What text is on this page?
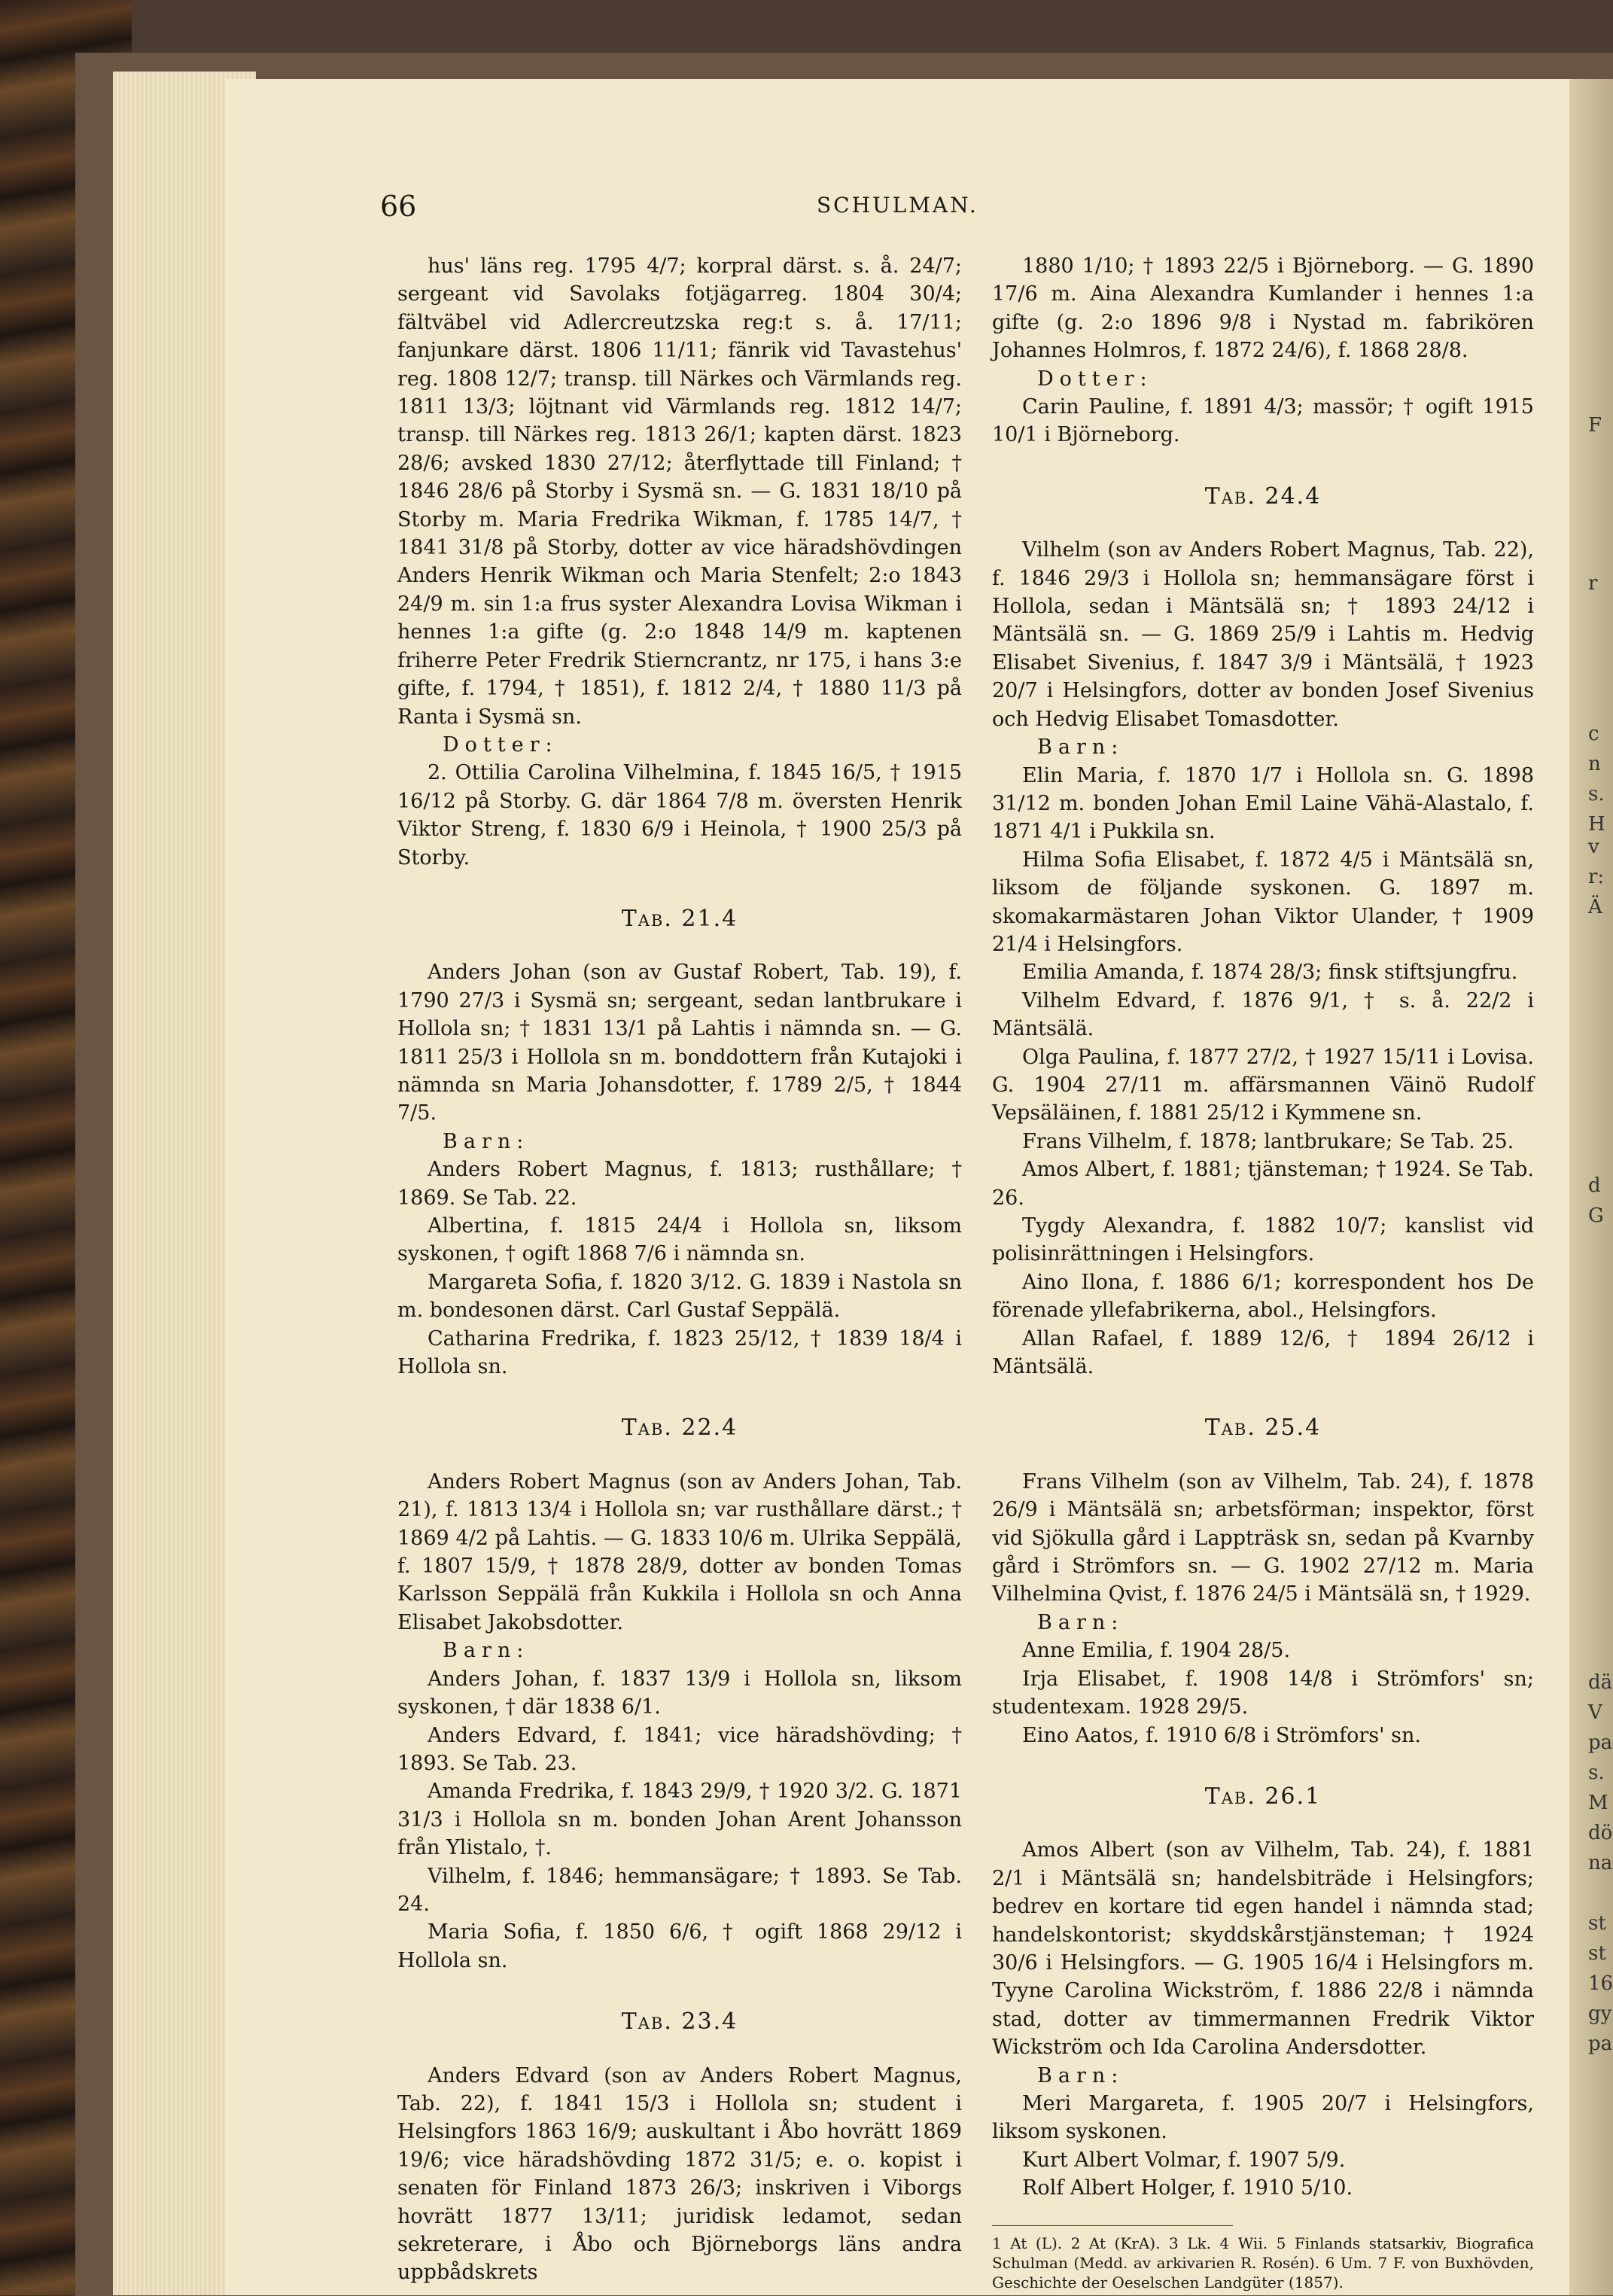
F
r
c
n
s.
H
v
r:
Ä
d
G
dä
V
pa
s.
M
dö
na
st
st
16
gy
pa
66	SCHULMAN.

hus' läns reg. 1795 4/7; korpral därst. s. å. 24/7; sergeant vid Savolaks fotjägarreg. 1804 30/4; fältväbel vid Adlercreutzska reg:t s. å. 17/11; fanjunkare därst. 1806 11/11; fänrik vid Tavastehus' reg. 1808 12/7; transp. till Närkes och Värmlands reg. 1811 13/3; löjtnant vid Värmlands reg. 1812 14/7; transp. till Närkes reg. 1813 26/1; kapten därst. 1823 28/6; avsked 1830 27/12; återflyttade till Finland; † 1846 28/6 på Storby i Sysmä sn. — G. 1831 18/10 på Storby m. Maria Fredrika Wikman, f. 1785 14/7, † 1841 31/8 på Storby, dotter av vice häradshövdingen Anders Henrik Wikman och Maria Stenfelt; 2:o 1843 24/9 m. sin 1:a frus syster Alexandra Lovisa Wikman i hennes 1:a gifte (g. 2:o 1848 14/9 m. kaptenen friherre Peter Fredrik Stierncrantz, nr 175, i hans 3:e gifte, f. 1794, † 1851), f. 1812 2/4, † 1880 11/3 på Ranta i Sysmä sn.

Dotter:

2. Ottilia Carolina Vilhelmina, f. 1845 16/5, † 1915 16/12 på Storby. G. där 1864 7/8 m. översten Henrik Viktor Streng, f. 1830 6/9 i Heinola, † 1900 25/3 på Storby.

Tab. 21.4

Anders Johan (son av Gustaf Robert, Tab. 19), f. 1790 27/3 i Sysmä sn; sergeant, sedan lantbrukare i Hollola sn; † 1831 13/1 på Lahtis i nämnda sn. — G. 1811 25/3 i Hollola sn m. bonddottern från Kutajoki i nämnda sn Maria Johansdotter, f. 1789 2/5, † 1844 7/5.

Barn:

Anders Robert Magnus, f. 1813; rusthållare; † 1869. Se Tab. 22.

Albertina, f. 1815 24/4 i Hollola sn, liksom syskonen, † ogift 1868 7/6 i nämnda sn.

Margareta Sofia, f. 1820 3/12. G. 1839 i Nastola sn m. bondesonen därst. Carl Gustaf Seppälä.

Catharina Fredrika, f. 1823 25/12, † 1839 18/4 i Hollola sn.

Tab. 22.4

Anders Robert Magnus (son av Anders Johan, Tab. 21), f. 1813 13/4 i Hollola sn; var rusthållare därst.; † 1869 4/2 på Lahtis. — G. 1833 10/6 m. Ulrika Seppälä, f. 1807 15/9, † 1878 28/9, dotter av bonden Tomas Karlsson Seppälä från Kukkila i Hollola sn och Anna Elisabet Jakobsdotter.

Barn:

Anders Johan, f. 1837 13/9 i Hollola sn, liksom syskonen, † där 1838 6/1.

Anders Edvard, f. 1841; vice häradshövding; † 1893. Se Tab. 23.

Amanda Fredrika, f. 1843 29/9, † 1920 3/2. G. 1871 31/3 i Hollola sn m. bonden Johan Arent Johansson från Ylistalo, †.

Vilhelm, f. 1846; hemmansägare; † 1893. Se Tab. 24.

Maria Sofia, f. 1850 6/6, † ogift 1868 29/12 i Hollola sn.

Tab. 23.4

Anders Edvard (son av Anders Robert Magnus, Tab. 22), f. 1841 15/3 i Hollola sn; student i Helsingfors 1863 16/9; auskultant i Åbo hovrätt 1869 19/6; vice häradshövding 1872 31/5; e. o. kopist i senaten för Finland 1873 26/3; inskriven i Viborgs hovrätt 1877 13/11; juridisk ledamot, sedan sekreterare, i Åbo och Björneborgs läns andra uppbådskrets

1880 1/10; † 1893 22/5 i Björneborg. — G. 1890 17/6 m. Aina Alexandra Kumlander i hennes 1:a gifte (g. 2:o 1896 9/8 i Nystad m. fabrikören Johannes Holmros, f. 1872 24/6), f. 1868 28/8.

Dotter:

Carin Pauline, f. 1891 4/3; massör; † ogift 1915 10/1 i Björneborg.

Tab. 24.4

Vilhelm (son av Anders Robert Magnus, Tab. 22), f. 1846 29/3 i Hollola sn; hemmansägare först i Hollola, sedan i Mäntsälä sn; † 1893 24/12 i Mäntsälä sn. — G. 1869 25/9 i Lahtis m. Hedvig Elisabet Sivenius, f. 1847 3/9 i Mäntsälä, † 1923 20/7 i Helsingfors, dotter av bonden Josef Sivenius och Hedvig Elisabet Tomasdotter.

Barn:

Elin Maria, f. 1870 1/7 i Hollola sn. G. 1898 31/12 m. bonden Johan Emil Laine Vähä-Alastalo, f. 1871 4/1 i Pukkila sn.

Hilma Sofia Elisabet, f. 1872 4/5 i Mäntsälä sn, liksom de följande syskonen. G. 1897 m. skomakarmästaren Johan Viktor Ulander, † 1909 21/4 i Helsingfors.

Emilia Amanda, f. 1874 28/3; finsk stiftsjungfru.

Vilhelm Edvard, f. 1876 9/1, † s. å. 22/2 i Mäntsälä.

Olga Paulina, f. 1877 27/2, † 1927 15/11 i Lovisa. G. 1904 27/11 m. affärsmannen Väinö Rudolf Vepsäläinen, f. 1881 25/12 i Kymmene sn.

Frans Vilhelm, f. 1878; lantbrukare; Se Tab. 25.

Amos Albert, f. 1881; tjänsteman; † 1924. Se Tab. 26.

Tygdy Alexandra, f. 1882 10/7; kanslist vid polisinrättningen i Helsingfors.

Aino Ilona, f. 1886 6/1; korrespondent hos De förenade yllefabrikerna, abol., Helsingfors.

Allan Rafael, f. 1889 12/6, † 1894 26/12 i Mäntsälä.

Tab. 25.4

Frans Vilhelm (son av Vilhelm, Tab. 24), f. 1878 26/9 i Mäntsälä sn; arbetsförman; inspektor, först vid Sjökulla gård i Lappträsk sn, sedan på Kvarnby gård i Strömfors sn. — G. 1902 27/12 m. Maria Vilhelmina Qvist, f. 1876 24/5 i Mäntsälä sn, † 1929.

Barn:

Anne Emilia, f. 1904 28/5.

Irja Elisabet, f. 1908 14/8 i Strömfors' sn; studentexam. 1928 29/5.

Eino Aatos, f. 1910 6/8 i Strömfors' sn.

Tab. 26.1

Amos Albert (son av Vilhelm, Tab. 24), f. 1881 2/1 i Mäntsälä sn; handelsbiträde i Helsingfors; bedrev en kortare tid egen handel i nämnda stad; handelskontorist; skyddskårstjänsteman; † 1924 30/6 i Helsingfors. — G. 1905 16/4 i Helsingfors m. Tyyne Carolina Wickström, f. 1886 22/8 i nämnda stad, dotter av timmermannen Fredrik Viktor Wickström och Ida Carolina Andersdotter.

Barn:

Meri Margareta, f. 1905 20/7 i Helsingfors, liksom syskonen.

Kurt Albert Volmar, f. 1907 5/9.

Rolf Albert Holger, f. 1910 5/10.

1 At (L). 2 At (KrA). 3 Lk. 4 Wii. 5 Finlands statsarkiv, Biografica Schulman (Medd. av arkivarien R. Rosén). 6 Um. 7 F. von Buxhövden, Geschichte der Oeselschen Landgüter (1857).
